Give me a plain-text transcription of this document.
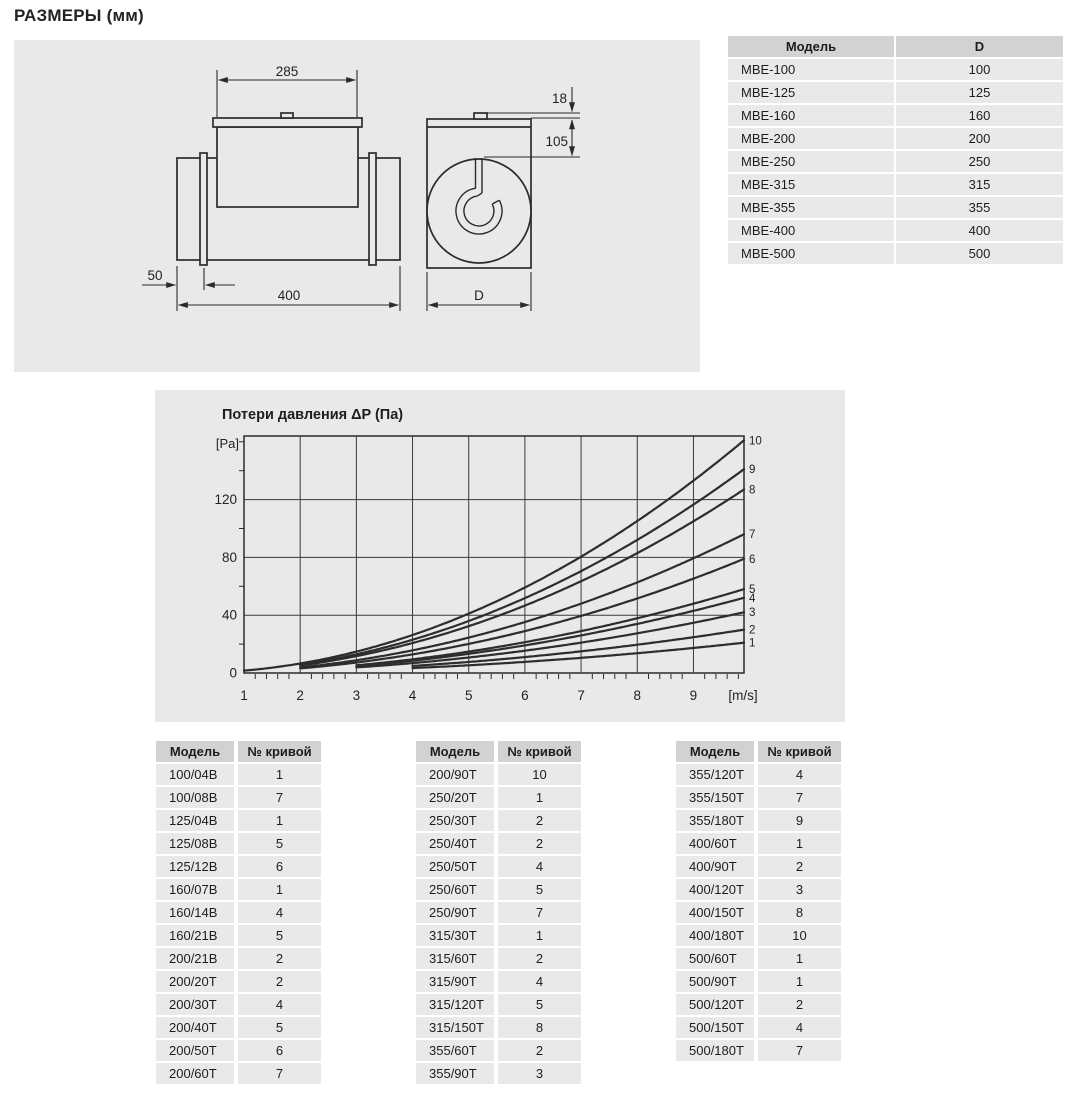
РАЗМЕРЫ (мм)
285
50
400	D
18
105
Модель	D
МВЕ-100	100
МВЕ-125	125
МВЕ-160	160
МВЕ-200	200
МВЕ-250	250
МВЕ-315	315
МВЕ-355	355
МВЕ-400	400
МВЕ-500	500
Потери давления ΔP (Па)
[Pa]
1	2	3	4	5	6	7	8	9
0
40
80
120
1
2
3
4
5
6
7
8
9
10
[m/s]
Модель	№ кривой
100/04В	1
100/08В	7
125/04В	1
125/08В	5
125/12В	6
160/07В	1
160/14В	4
160/21В	5
200/21В	2
200/20Т	2
200/30Т	4
200/40Т	5
200/50Т	6
200/60Т	7
Модель	№ кривой
200/90Т	10
250/20Т	1
250/30Т	2
250/40Т	2
250/50Т	4
250/60Т	5
250/90Т	7
315/30Т	1
315/60Т	2
315/90Т	4
315/120Т	5
315/150Т	8
355/60Т	2
355/90Т	3
Модель	№ кривой
355/120Т	4
355/150Т	7
355/180Т	9
400/60Т	1
400/90Т	2
400/120Т	3
400/150Т	8
400/180Т	10
500/60Т	1
500/90Т	1
500/120Т	2
500/150Т	4
500/180Т	7
